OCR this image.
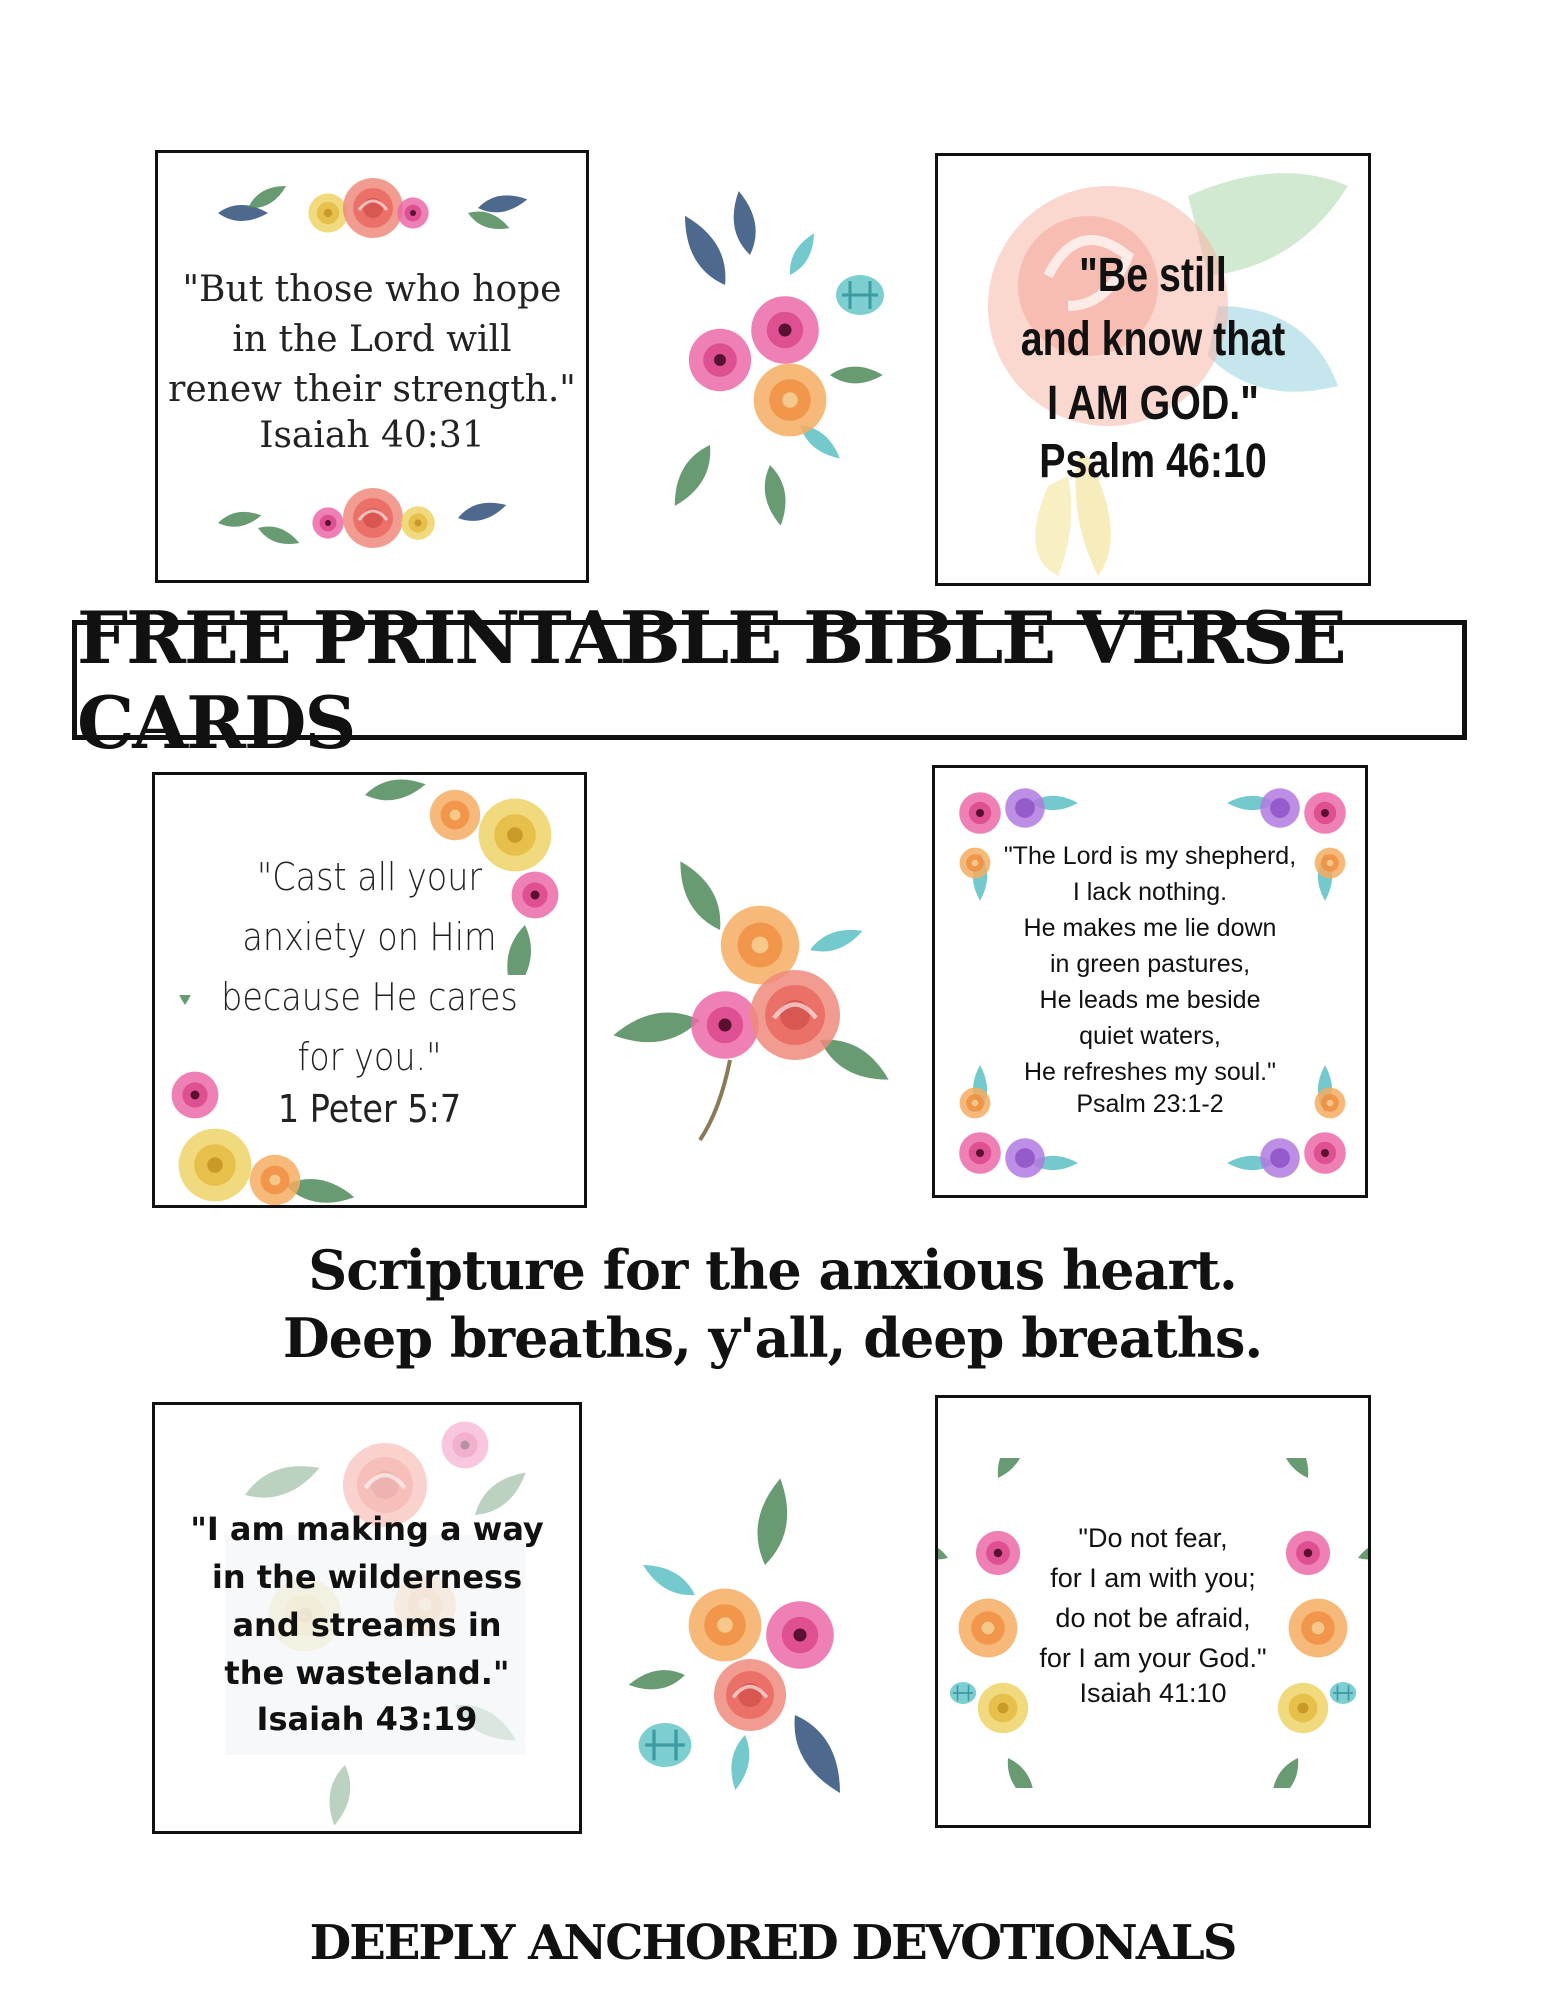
"But those who hope
in the Lord will
renew their strength."
Isaiah 40:31
"Be still
and know that
I AM GOD."
Psalm 46:10
FREE PRINTABLE BIBLE VERSE CARDS
"Cast all your
anxiety on Him
because He cares
for you."
1 Peter 5:7
"The Lord is my shepherd,
I lack nothing.
He makes me lie down
in green pastures,
He leads me beside
quiet waters,
He refreshes my soul."
Psalm 23:1-2
Scripture for the anxious heart.
Deep breaths, y'all, deep breaths.
"I am making a way
in the wilderness
and streams in
the wasteland."
Isaiah 43:19
"Do not fear,
for I am with you;
do not be afraid,
for I am your God."
Isaiah 41:10
DEEPLY ANCHORED DEVOTIONALS
